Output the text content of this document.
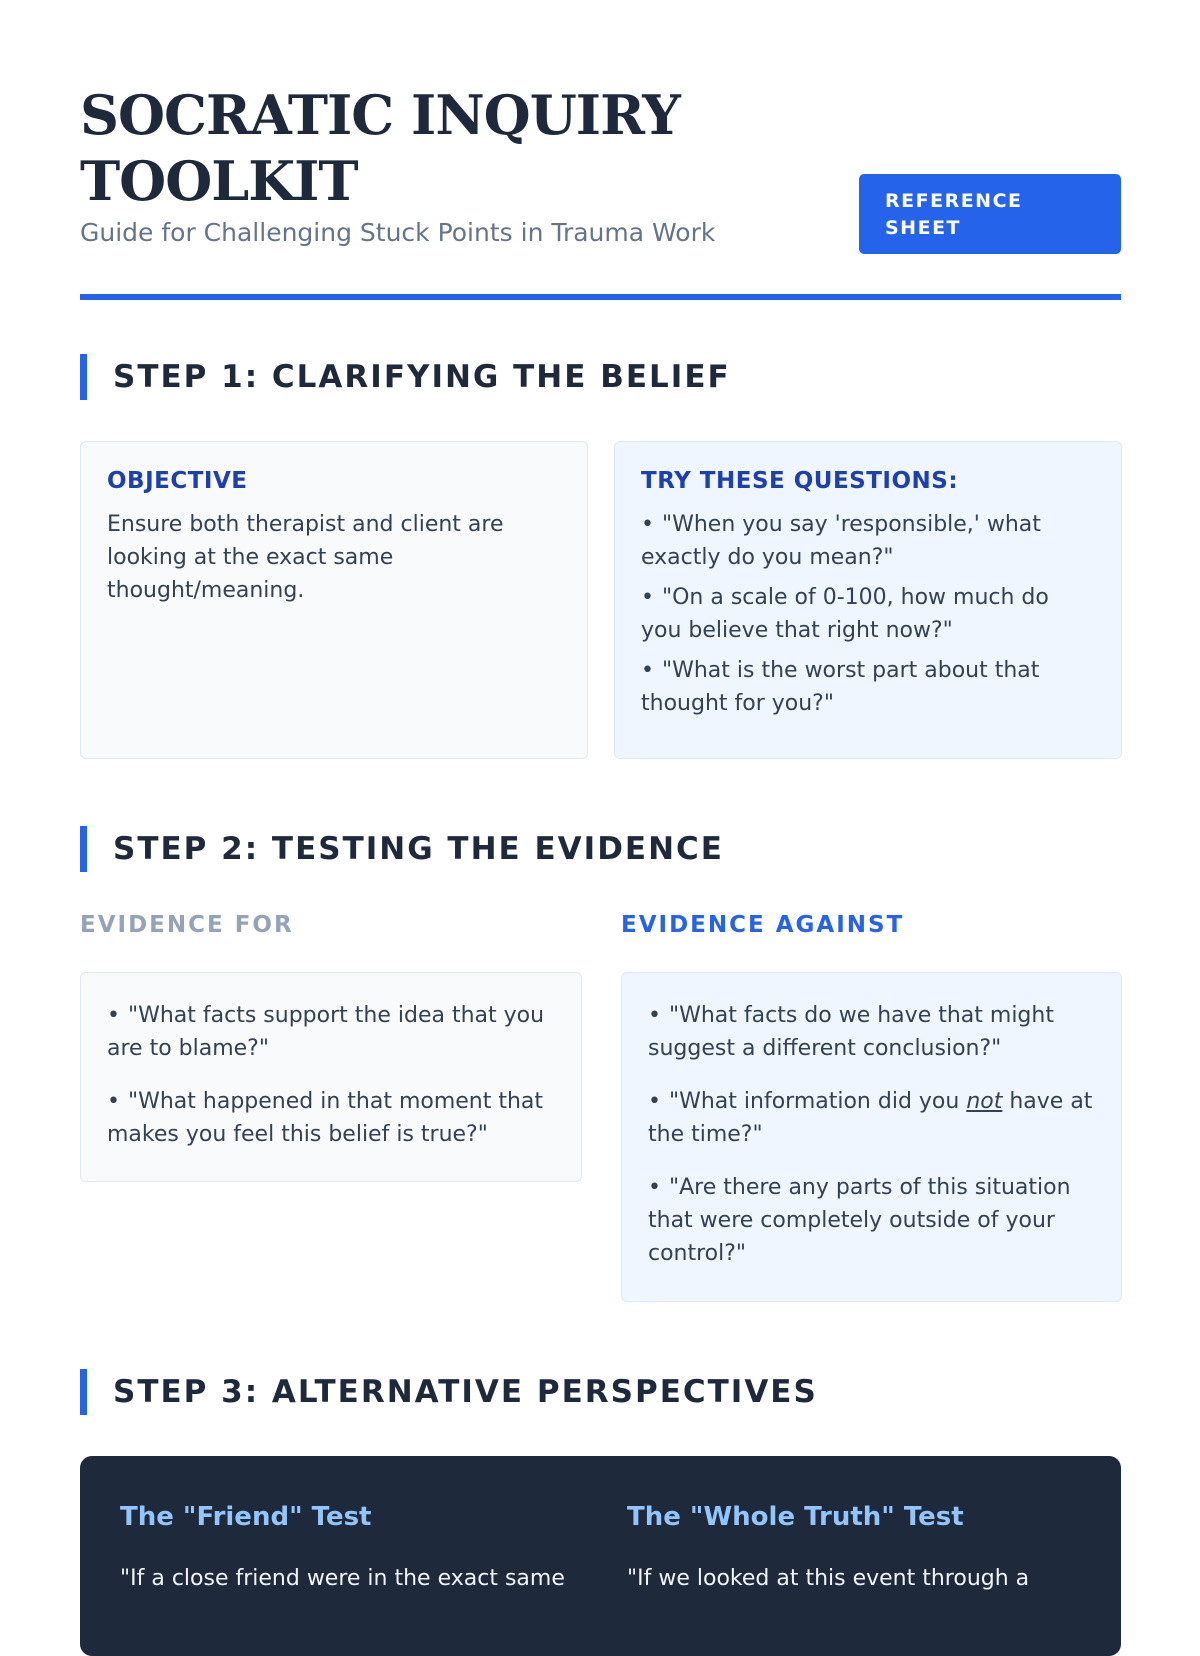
SOCRATIC INQUIRY TOOLKIT
Guide for Challenging Stuck Points in Trauma Work
REFERENCE SHEET
STEP 1: CLARIFYING THE BELIEF
OBJECTIVE
Ensure both therapist and client are looking at the exact same thought/meaning.
TRY THESE QUESTIONS:
• "When you say 'responsible,' what exactly do you mean?"
• "On a scale of 0-100, how much do you believe that right now?"
• "What is the worst part about that thought for you?"
STEP 2: TESTING THE EVIDENCE
EVIDENCE FOR	EVIDENCE AGAINST
• "What facts support the idea that you are to blame?"
• "What happened in that moment that makes you feel this belief is true?"
• "What facts do we have that might suggest a different conclusion?"
• "What information did you not have at the time?"
• "Are there any parts of this situation that were completely outside of your control?"
STEP 3: ALTERNATIVE PERSPECTIVES
The "Friend" Test
"If a close friend were in the exact same
The "Whole Truth" Test
"If we looked at this event through a
